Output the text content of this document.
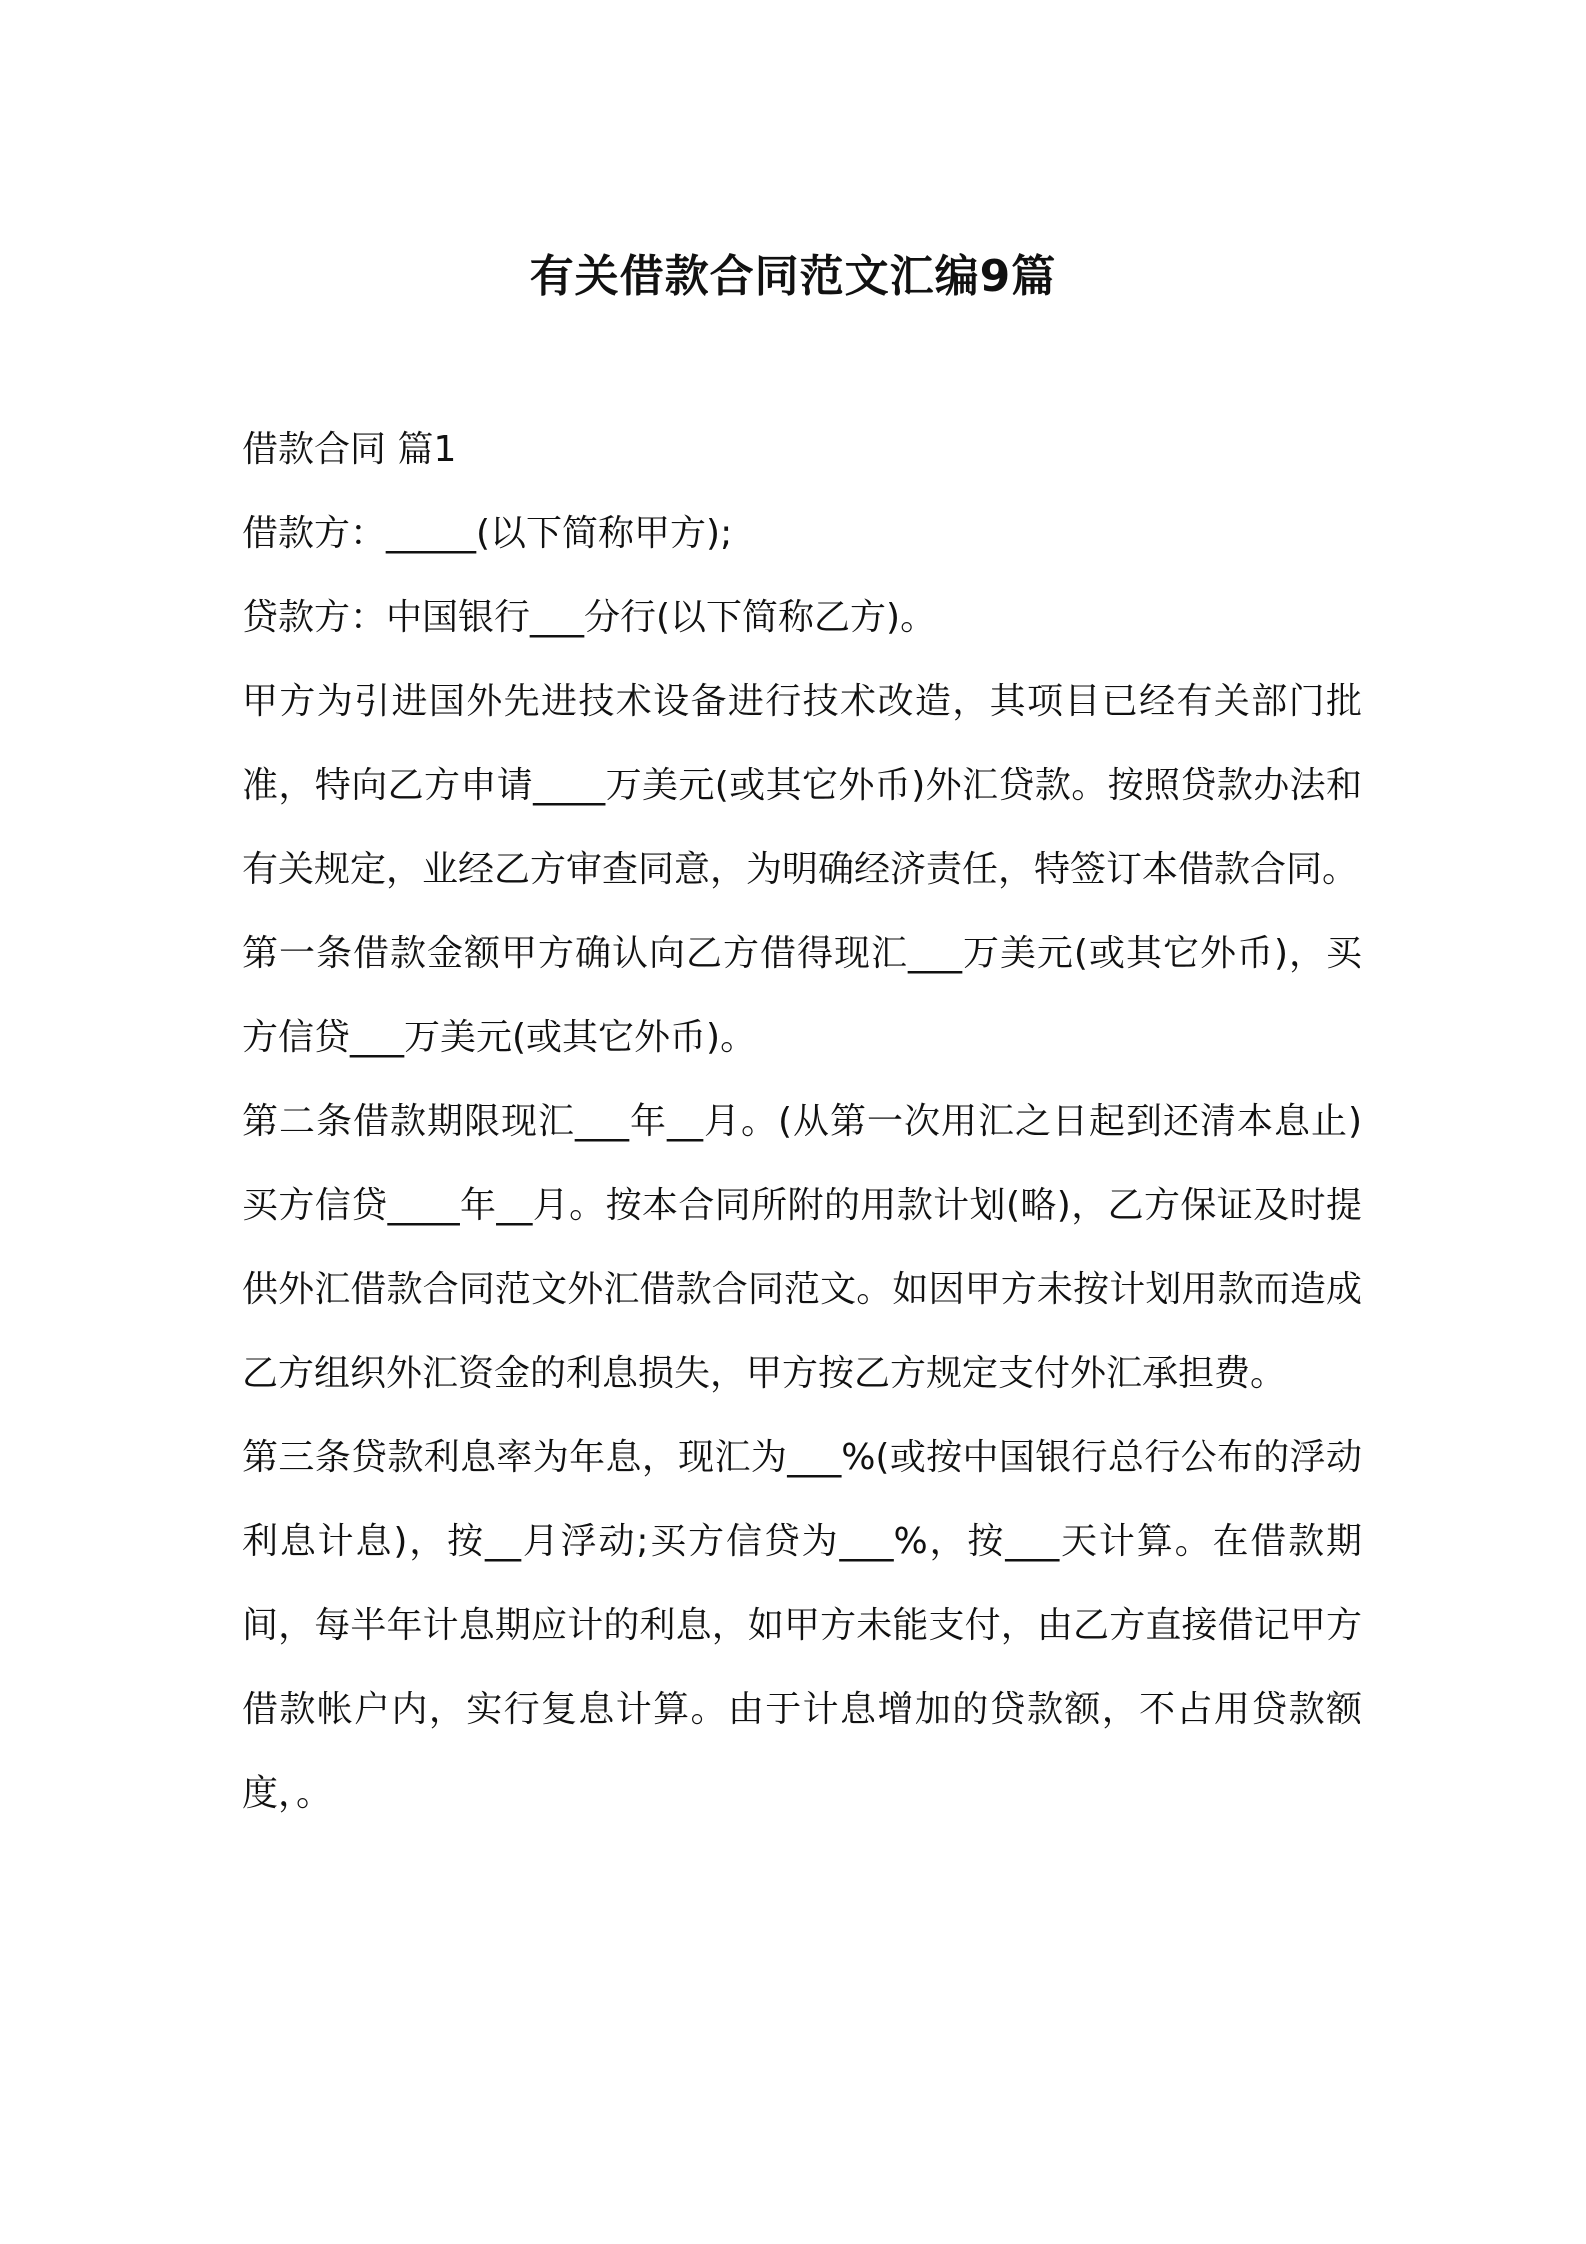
有关借款合同范文汇编9篇

借款合同 篇1

借款方：_____(以下简称甲方);

贷款方：中国银行___分行(以下简称乙方)。

甲方为引进国外先进技术设备进行技术改造，其项目已经有关部门批准，特向乙方申请____万美元(或其它外币)外汇贷款。按照贷款办法和有关规定，业经乙方审查同意，为明确经济责任，特签订本借款合同。

第一条借款金额甲方确认向乙方借得现汇___万美元(或其它外币)，买方信贷___万美元(或其它外币)。

第二条借款期限现汇___年__月。(从第一次用汇之日起到还清本息止)买方信贷____年__月。按本合同所附的用款计划(略)，乙方保证及时提供外汇借款合同范文外汇借款合同范文。如因甲方未按计划用款而造成乙方组织外汇资金的利息损失，甲方按乙方规定支付外汇承担费。

第三条贷款利息率为年息，现汇为___%(或按中国银行总行公布的浮动利息计息)，按__月浮动;买方信贷为___%，按___天计算。在借款期间，每半年计息期应计的利息，如甲方未能支付，由乙方直接借记甲方借款帐户内，实行复息计算。由于计息增加的贷款额，不占用贷款额度，。
